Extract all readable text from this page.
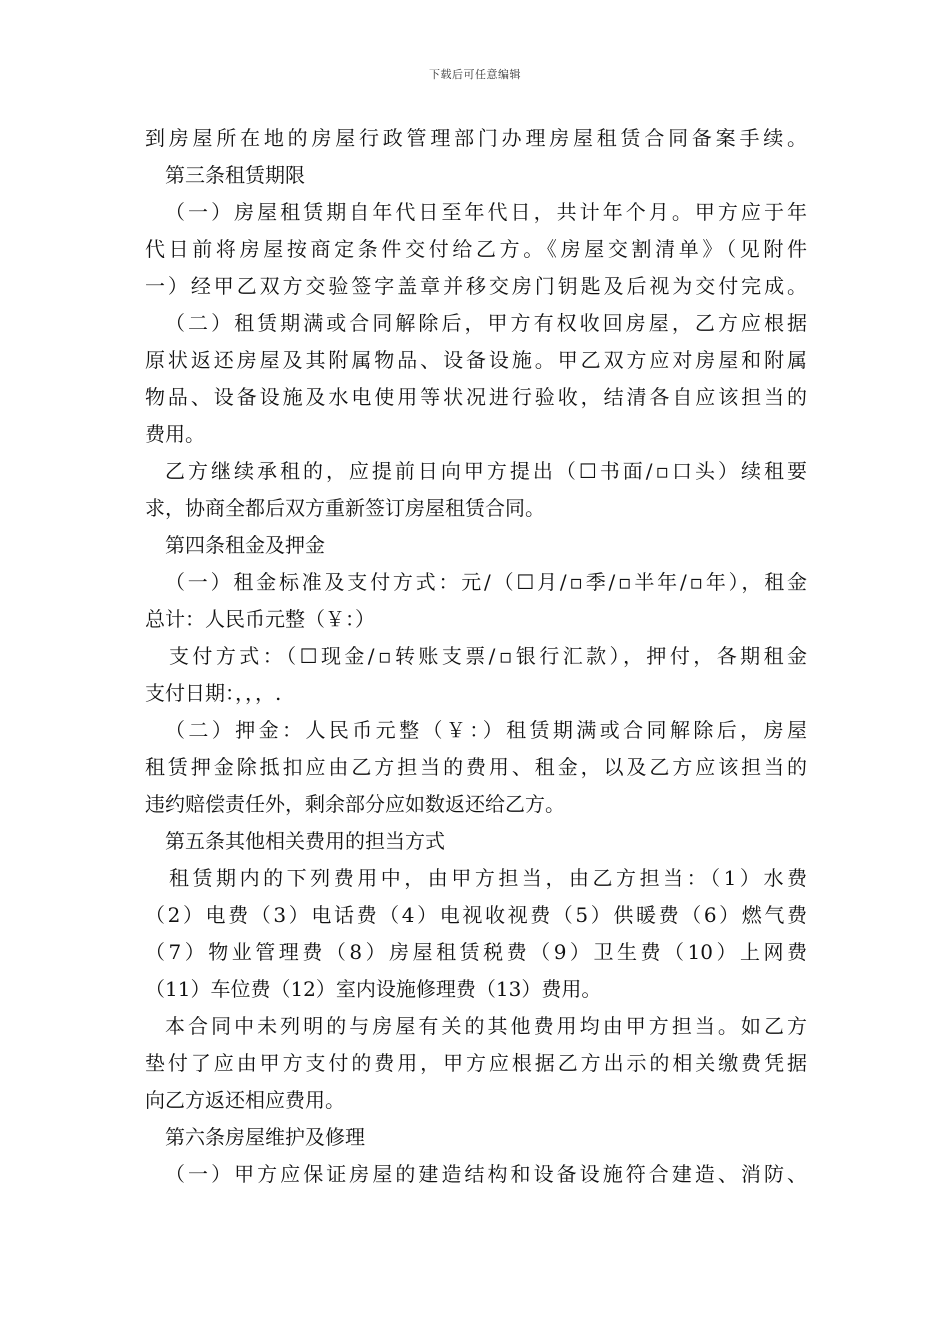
下载后可任意编辑
到房屋所在地的房屋行政管理部门办理房屋租赁合同备案手续。
第三条租赁期限
（一）房屋租赁期自年代日至年代日，共计年个月。甲方应于年
代日前将房屋按商定条件交付给乙方。《房屋交割清单》（见附件
一）经甲乙双方交验签字盖章并移交房门钥匙及后视为交付完成。
（二）租赁期满或合同解除后，甲方有权收回房屋，乙方应根据
原状返还房屋及其附属物品、设备设施。甲乙双方应对房屋和附属
物品、设备设施及水电使用等状况进行验收，结清各自应该担当的
费用。
乙方继续承租的，应提前日向甲方提出（☐书面/▫口头）续租要
求，协商全都后双方重新签订房屋租赁合同。
第四条租金及押金
（一）租金标准及支付方式：元/（☐月/▫季/▫半年/▫年），租金
总计：人民币元整（￥：）
支付方式：（☐现金/▫转账支票/▫银行汇款），押付，各期租金
支付日期：，，，.
（二）押金：人民币元整（￥：）租赁期满或合同解除后，房屋
租赁押金除抵扣应由乙方担当的费用、租金，以及乙方应该担当的
违约赔偿责任外，剩余部分应如数返还给乙方。
第五条其他相关费用的担当方式
租赁期内的下列费用中，由甲方担当，由乙方担当：（1）水费
（2）电费（3）电话费（4）电视收视费（5）供暖费（6）燃气费
（7）物业管理费（8）房屋租赁税费（9）卫生费（10）上网费
（11）车位费（12）室内设施修理费（13）费用。
本合同中未列明的与房屋有关的其他费用均由甲方担当。如乙方
垫付了应由甲方支付的费用，甲方应根据乙方出示的相关缴费凭据
向乙方返还相应费用。
第六条房屋维护及修理
（一）甲方应保证房屋的建造结构和设备设施符合建造、消防、
